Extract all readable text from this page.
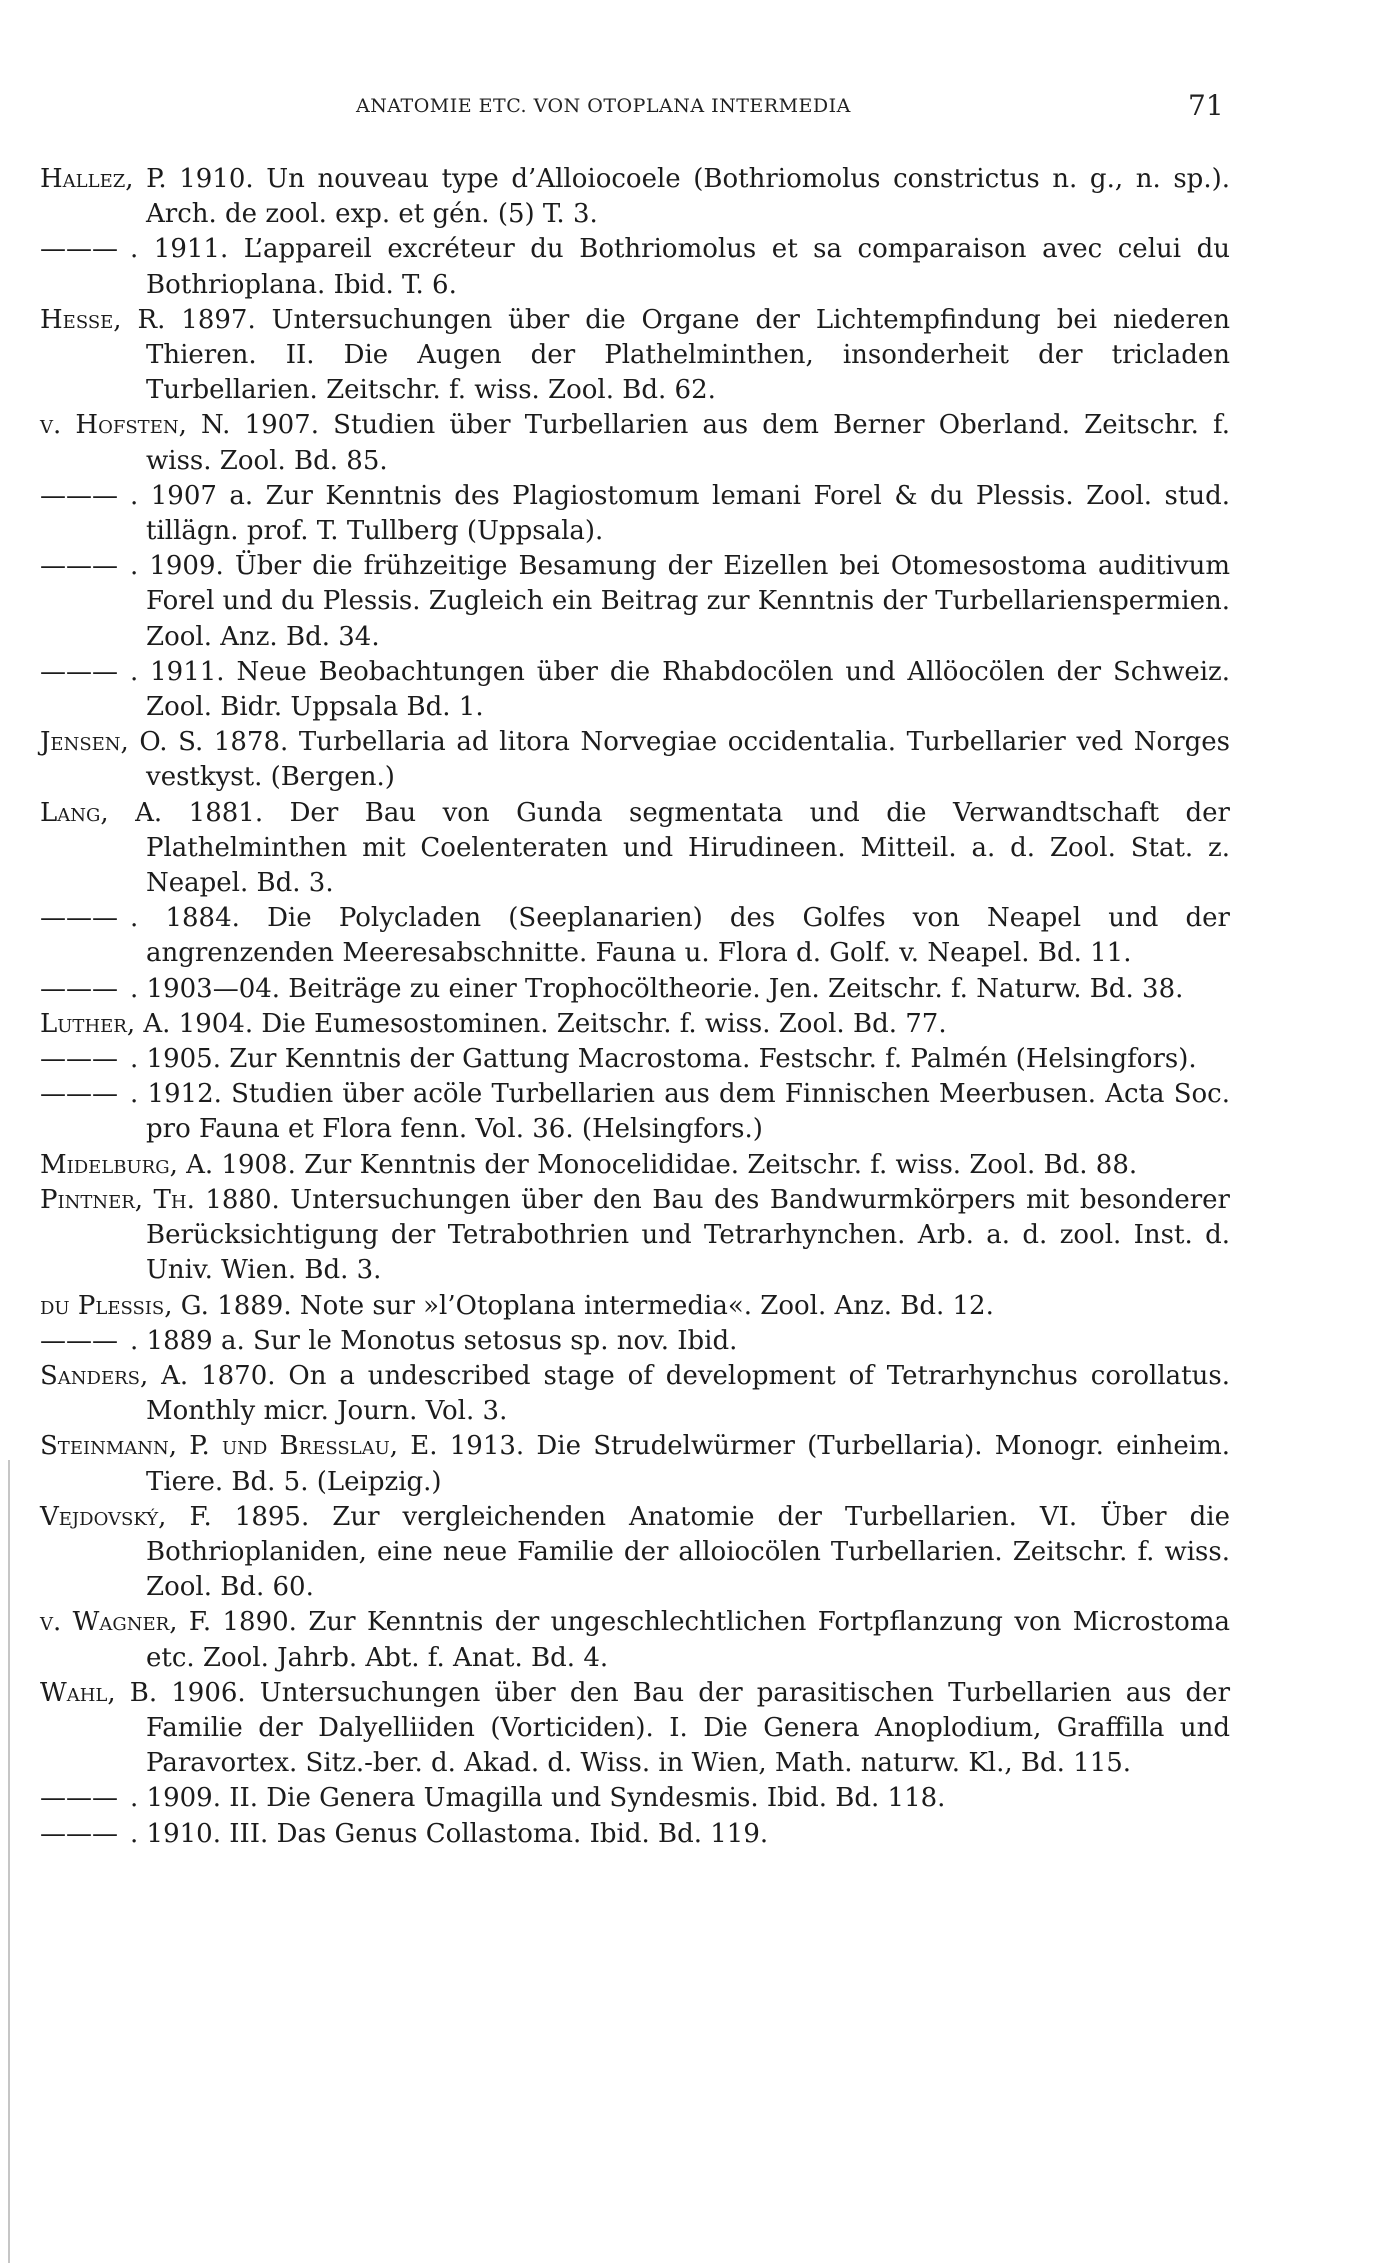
ANATOMIE ETC. VON OTOPLANA INTERMEDIA	71

Hallez, P. 1910. Un nouveau type d’Alloiocoele (Bothriomolus constrictus n. g., n. sp.). Arch. de zool. exp. et gén. (5) T. 3.

——— . 1911. L’appareil excréteur du Bothriomolus et sa comparaison avec celui du Bothrioplana. Ibid. T. 6.

Hesse, R. 1897. Untersuchungen über die Organe der Lichtempfindung bei niederen Thieren. II. Die Augen der Plathelminthen, insonderheit der tricladen Turbellarien. Zeitschr. f. wiss. Zool. Bd. 62.

v. Hofsten, N. 1907. Studien über Turbellarien aus dem Berner Oberland. Zeitschr. f. wiss. Zool. Bd. 85.

——— . 1907 a. Zur Kenntnis des Plagiostomum lemani Forel & du Plessis. Zool. stud. tillägn. prof. T. Tullberg (Uppsala).

——— . 1909. Über die frühzeitige Besamung der Eizellen bei Otomesostoma auditivum Forel und du Plessis. Zugleich ein Beitrag zur Kenntnis der Turbellarienspermien. Zool. Anz. Bd. 34.

——— . 1911. Neue Beobachtungen über die Rhabdocölen und Allöocölen der Schweiz. Zool. Bidr. Uppsala Bd. 1.

Jensen, O. S. 1878. Turbellaria ad litora Norvegiae occidentalia. Turbellarier ved Norges vestkyst. (Bergen.)

Lang, A. 1881. Der Bau von Gunda segmentata und die Verwandtschaft der Plathelminthen mit Coelenteraten und Hirudineen. Mitteil. a. d. Zool. Stat. z. Neapel. Bd. 3.

——— . 1884. Die Polycladen (Seeplanarien) des Golfes von Neapel und der angrenzenden Meeresabschnitte. Fauna u. Flora d. Golf. v. Neapel. Bd. 11.

——— . 1903—04. Beiträge zu einer Trophocöltheorie. Jen. Zeitschr. f. Naturw. Bd. 38.

Luther, A. 1904. Die Eumesostominen. Zeitschr. f. wiss. Zool. Bd. 77.

——— . 1905. Zur Kenntnis der Gattung Macrostoma. Festschr. f. Palmén (Helsingfors).

——— . 1912. Studien über acöle Turbellarien aus dem Finnischen Meerbusen. Acta Soc. pro Fauna et Flora fenn. Vol. 36. (Helsingfors.)

Midelburg, A. 1908. Zur Kenntnis der Monocelididae. Zeitschr. f. wiss. Zool. Bd. 88.

Pintner, Th. 1880. Untersuchungen über den Bau des Bandwurmkörpers mit besonderer Berücksichtigung der Tetrabothrien und Tetrarhynchen. Arb. a. d. zool. Inst. d. Univ. Wien. Bd. 3.

du Plessis, G. 1889. Note sur »l’Otoplana intermedia«. Zool. Anz. Bd. 12.

——— . 1889 a. Sur le Monotus setosus sp. nov. Ibid.

Sanders, A. 1870. On a undescribed stage of development of Tetrarhynchus corollatus. Monthly micr. Journ. Vol. 3.

Steinmann, P. und Bresslau, E. 1913. Die Strudelwürmer (Turbellaria). Monogr. einheim. Tiere. Bd. 5. (Leipzig.)

Vejdovský, F. 1895. Zur vergleichenden Anatomie der Turbellarien. VI. Über die Bothrioplaniden, eine neue Familie der alloiocölen Turbellarien. Zeitschr. f. wiss. Zool. Bd. 60.

v. Wagner, F. 1890. Zur Kenntnis der ungeschlechtlichen Fortpflanzung von Microstoma etc. Zool. Jahrb. Abt. f. Anat. Bd. 4.

Wahl, B. 1906. Untersuchungen über den Bau der parasitischen Turbellarien aus der Familie der Dalyelliiden (Vorticiden). I. Die Genera Anoplodium, Graffilla und Paravortex. Sitz.-ber. d. Akad. d. Wiss. in Wien, Math. naturw. Kl., Bd. 115.

——— . 1909. II. Die Genera Umagilla und Syndesmis. Ibid. Bd. 118.

——— . 1910. III. Das Genus Collastoma. Ibid. Bd. 119.
